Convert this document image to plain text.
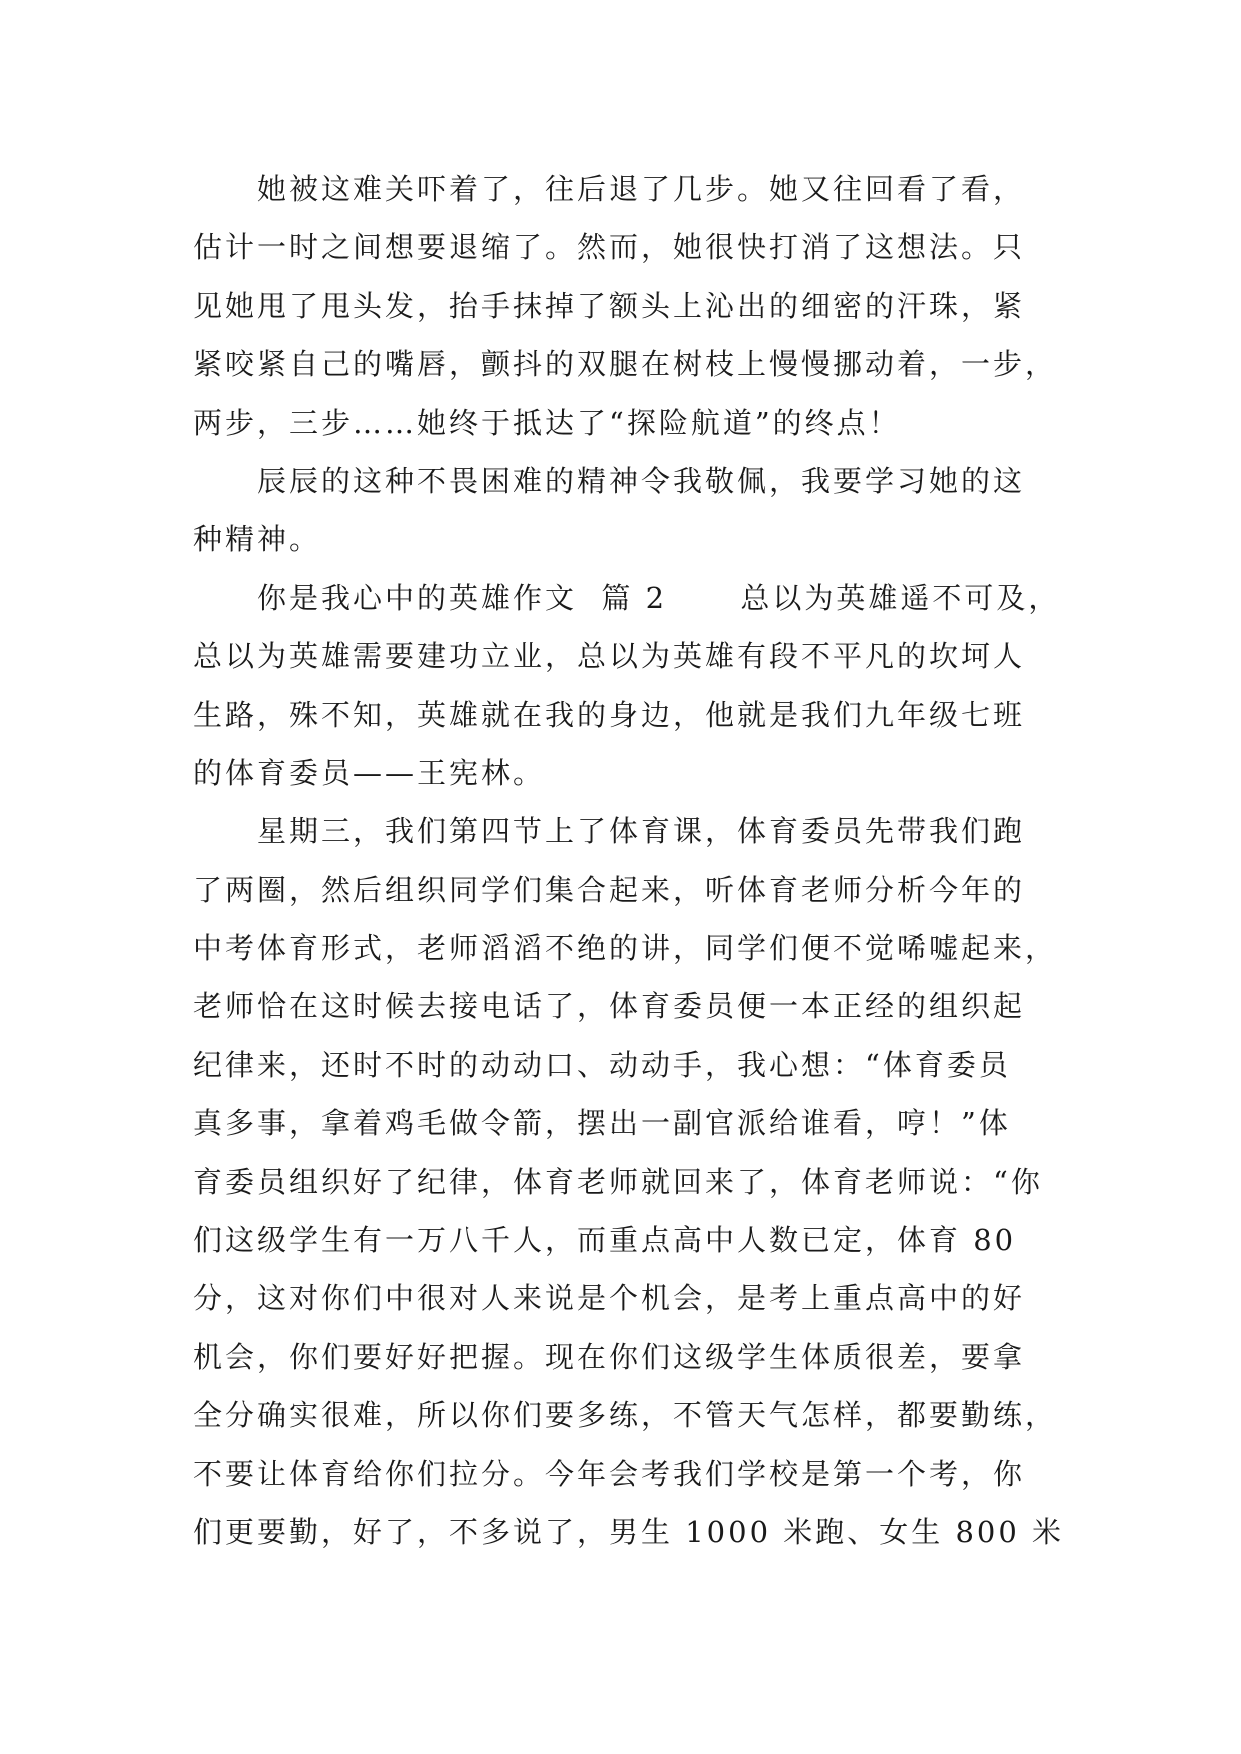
她被这难关吓着了，往后退了几步。她又往回看了看，
估计一时之间想要退缩了。然而，她很快打消了这想法。只
见她甩了甩头发，抬手抹掉了额头上沁出的细密的汗珠，紧
紧咬紧自己的嘴唇，颤抖的双腿在树枝上慢慢挪动着，一步，
两步，三步……她终于抵达了“探险航道”的终点！
辰辰的这种不畏困难的精神令我敬佩，我要学习她的这
种精神。
你是我心中的英雄作文  篇 2      总以为英雄遥不可及，
总以为英雄需要建功立业，总以为英雄有段不平凡的坎坷人
生路，殊不知，英雄就在我的身边，他就是我们九年级七班
的体育委员——王宪林。
星期三，我们第四节上了体育课，体育委员先带我们跑
了两圈，然后组织同学们集合起来，听体育老师分析今年的
中考体育形式，老师滔滔不绝的讲，同学们便不觉唏嘘起来，
老师恰在这时候去接电话了，体育委员便一本正经的组织起
纪律来，还时不时的动动口、动动手，我心想：“体育委员
真多事，拿着鸡毛做令箭，摆出一副官派给谁看，哼！”体
育委员组织好了纪律，体育老师就回来了，体育老师说：“你
们这级学生有一万八千人，而重点高中人数已定，体育 80
分，这对你们中很对人来说是个机会，是考上重点高中的好
机会，你们要好好把握。现在你们这级学生体质很差，要拿
全分确实很难，所以你们要多练，不管天气怎样，都要勤练，
不要让体育给你们拉分。今年会考我们学校是第一个考，你
们更要勤，好了，不多说了，男生 1000 米跑、女生 800 米
